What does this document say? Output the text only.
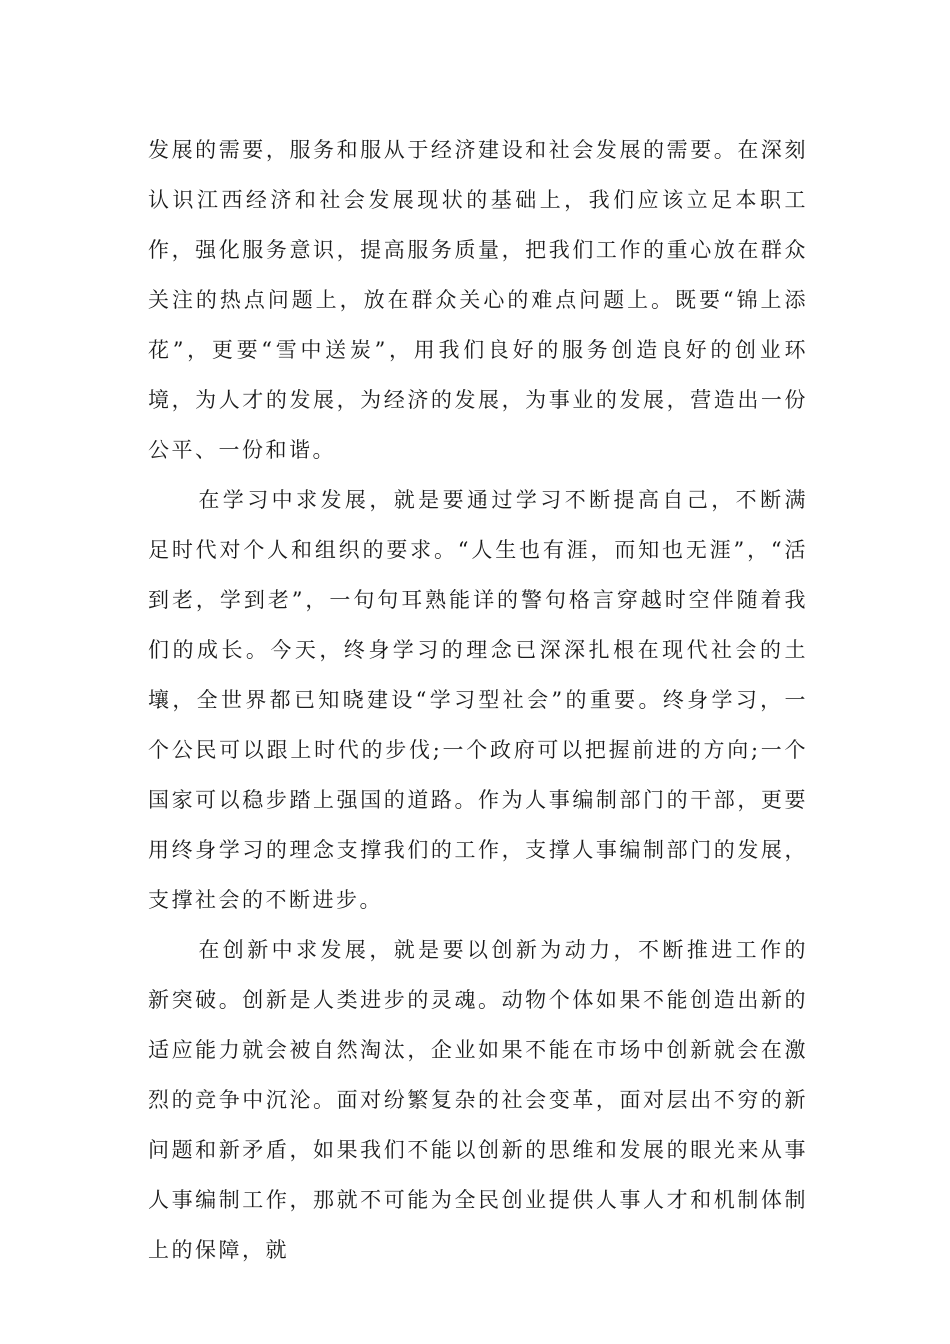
发展的需要，服务和服从于经济建设和社会发展的需要。在深刻认识江西经济和社会发展现状的基础上，我们应该立足本职工作，强化服务意识，提高服务质量，把我们工作的重心放在群众关注的热点问题上，放在群众关心的难点问题上。既要“锦上添花”，更要“雪中送炭”，用我们良好的服务创造良好的创业环境，为人才的发展，为经济的发展，为事业的发展，营造出一份公平、一份和谐。

在学习中求发展，就是要通过学习不断提高自己，不断满足时代对个人和组织的要求。“人生也有涯，而知也无涯”，“活到老，学到老”，一句句耳熟能详的警句格言穿越时空伴随着我们的成长。今天，终身学习的理念已深深扎根在现代社会的土壤，全世界都已知晓建设“学习型社会”的重要。终身学习，一个公民可以跟上时代的步伐;一个政府可以把握前进的方向;一个国家可以稳步踏上强国的道路。作为人事编制部门的干部，更要用终身学习的理念支撑我们的工作，支撑人事编制部门的发展，支撑社会的不断进步。

在创新中求发展，就是要以创新为动力，不断推进工作的新突破。创新是人类进步的灵魂。动物个体如果不能创造出新的适应能力就会被自然淘汰，企业如果不能在市场中创新就会在激烈的竞争中沉沦。面对纷繁复杂的社会变革，面对层出不穷的新问题和新矛盾，如果我们不能以创新的思维和发展的眼光来从事人事编制工作，那就不可能为全民创业提供人事人才和机制体制上的保障，就
